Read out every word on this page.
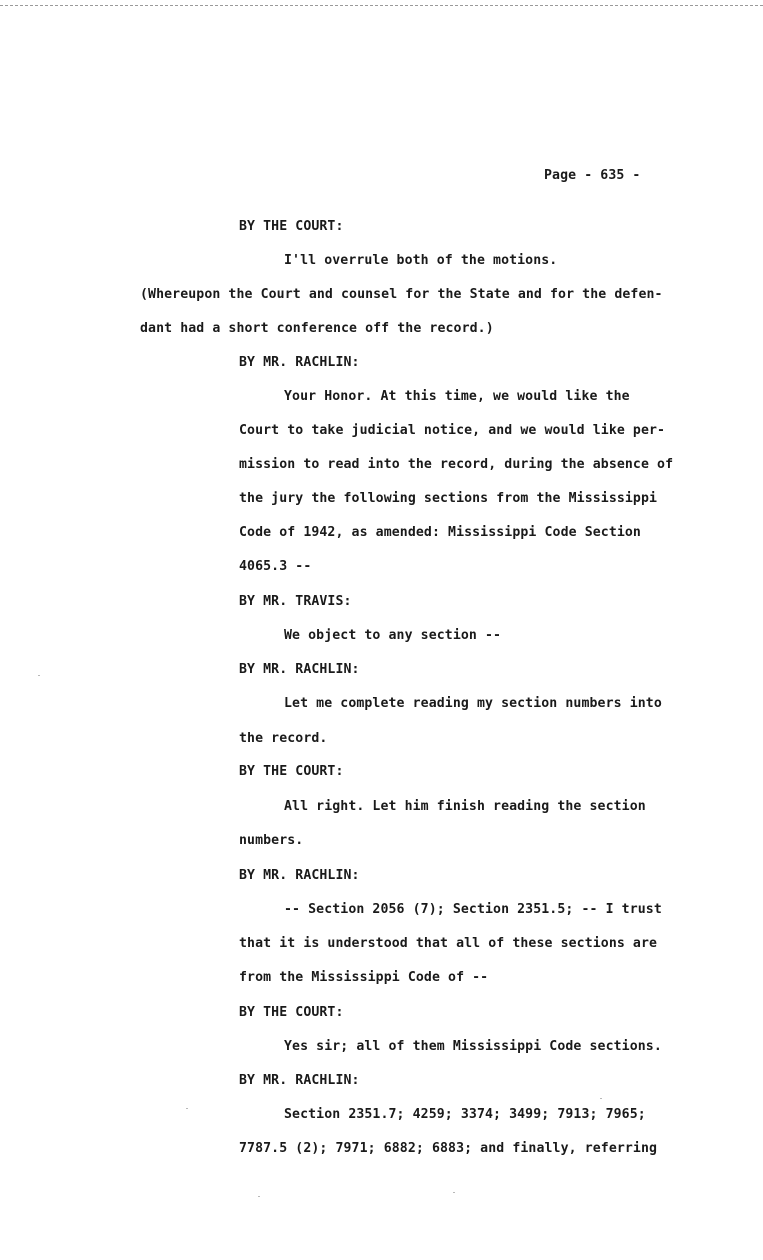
Page - 635 -
BY THE COURT:
I'll overrule both of the motions.
(Whereupon the Court and counsel for the State and for the defen-
dant had a short conference off the record.)
BY MR. RACHLIN:
Your Honor. At this time, we would like the
Court to take judicial notice, and we would like per-
mission to read into the record, during the absence of
the jury the following sections from the Mississippi
Code of 1942, as amended: Mississippi Code Section
4065.3 --
BY MR. TRAVIS:
We object to any section --
BY MR. RACHLIN:
Let me complete reading my section numbers into
the record.
BY THE COURT:
All right. Let him finish reading the section
numbers.
BY MR. RACHLIN:
-- Section 2056 (7); Section 2351.5; -- I trust
that it is understood that all of these sections are
from the Mississippi Code of --
BY THE COURT:
Yes sir; all of them Mississippi Code sections.
BY MR. RACHLIN:
Section 2351.7; 4259; 3374; 3499; 7913; 7965;
7787.5 (2); 7971; 6882; 6883; and finally, referring
